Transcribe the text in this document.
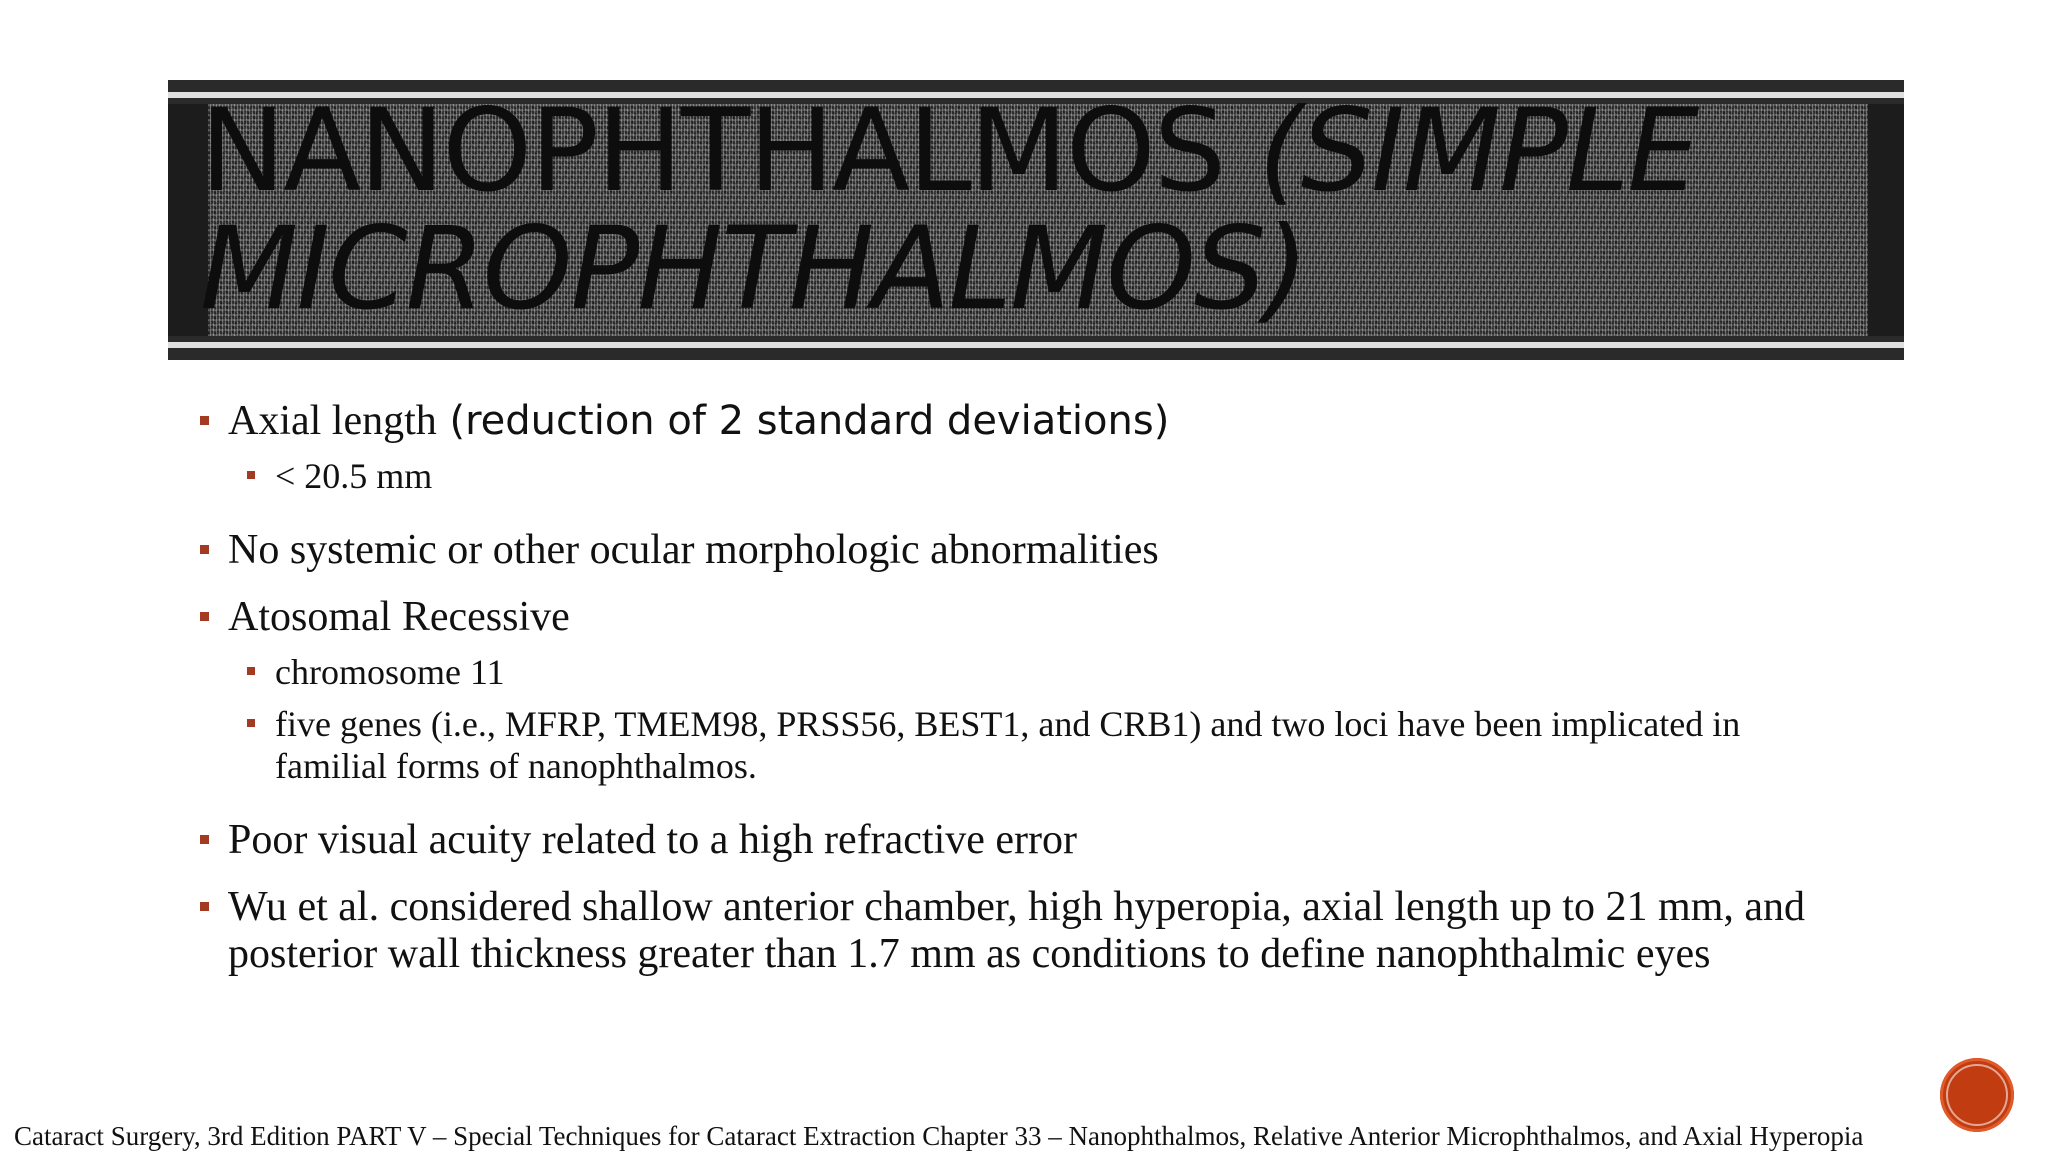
NANOPHTHALMOS (SIMPLE MICROPHTHALMOS)
Axial length (reduction of 2 standard deviations)
< 20.5 mm
No systemic or other ocular morphologic abnormalities
Atosomal Recessive
chromosome 11
five genes (i.e., MFRP, TMEM98, PRSS56, BEST1, and CRB1) and two loci have been implicated in familial forms of nanophthalmos.
Poor visual acuity related to a high refractive error
Wu et al. considered shallow anterior chamber, high hyperopia, axial length up to 21 mm, and posterior wall thickness greater than 1.7 mm as conditions to define nanophthalmic eyes
Cataract Surgery, 3rd Edition PART V – Special Techniques for Cataract Extraction Chapter 33 – Nanophthalmos, Relative Anterior Microphthalmos, and Axial Hyperopia
